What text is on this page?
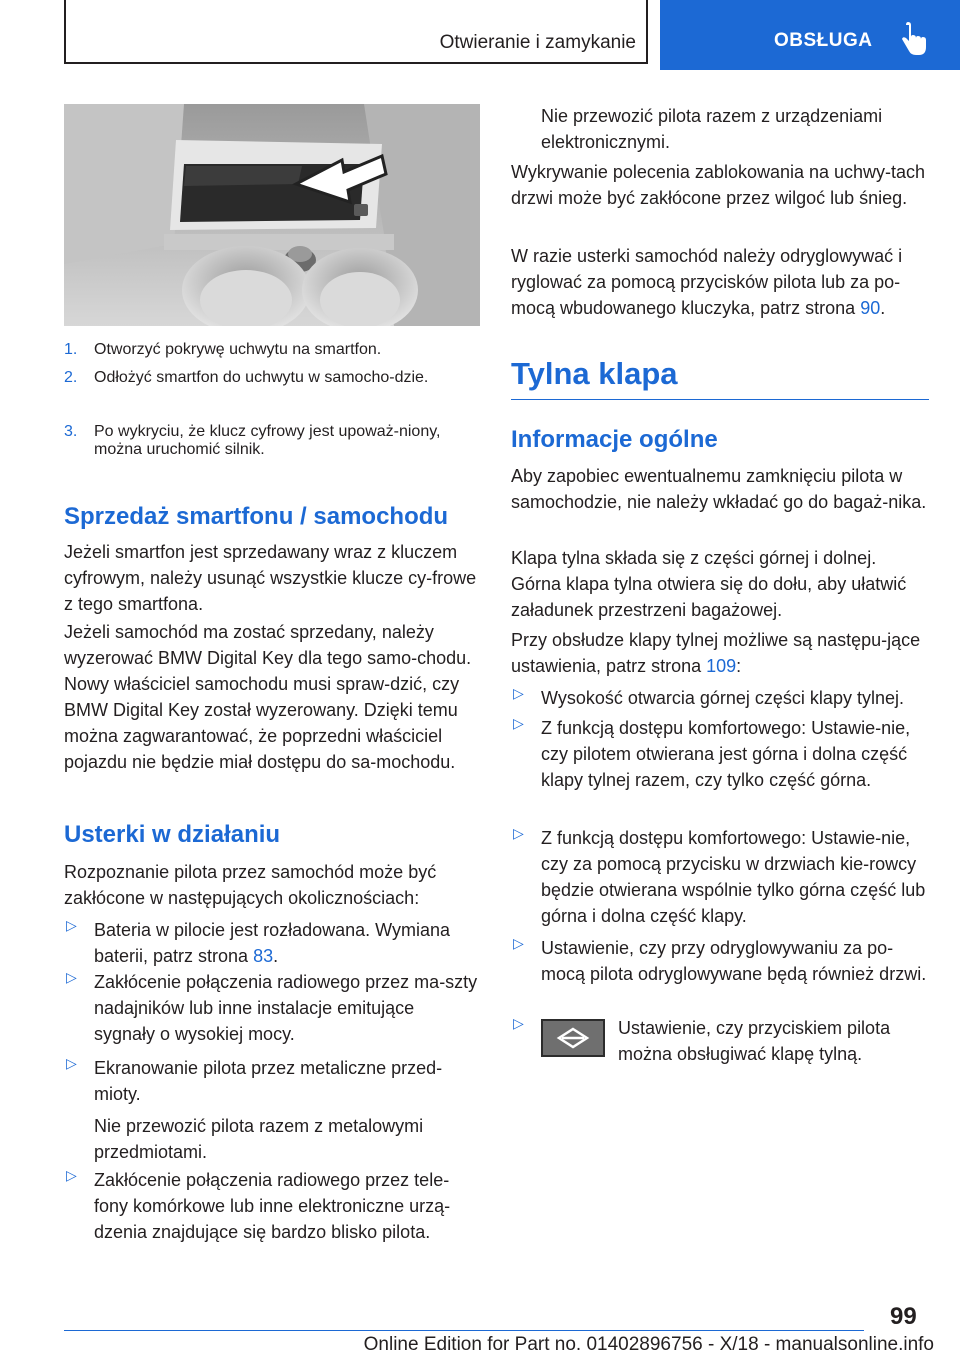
Otwieranie i zamykanie	OBSŁUGA
1. Otworzyć pokrywę uchwytu na smartfon.
2. Odłożyć smartfon do uchwytu w samocho-dzie.
3. Po wykryciu, że klucz cyfrowy jest upoważ-niony, można uruchomić silnik.
Sprzedaż smartfonu / samochodu
Jeżeli smartfon jest sprzedawany wraz z kluczem cyfrowym, należy usunąć wszystkie klucze cy-frowe z tego smartfona.
Jeżeli samochód ma zostać sprzedany, należy wyzerować BMW Digital Key dla tego samo-chodu. Nowy właściciel samochodu musi spraw-dzić, czy BMW Digital Key został wyzerowany. Dzięki temu można zagwarantować, że poprzedni właściciel pojazdu nie będzie miał dostępu do sa-mochodu.
Usterki w działaniu
Rozpoznanie pilota przez samochód może być zakłócone w następujących okolicznościach:
▷ Bateria w pilocie jest rozładowana. Wymiana baterii, patrz strona 83.
▷ Zakłócenie połączenia radiowego przez ma-szty nadajników lub inne instalacje emitujące sygnały o wysokiej mocy.
▷ Ekranowanie pilota przez metaliczne przed-mioty.
Nie przewozić pilota razem z metalowymi przedmiotami.
▷ Zakłócenie połączenia radiowego przez tele-fony komórkowe lub inne elektroniczne urzą-dzenia znajdujące się bardzo blisko pilota.
Nie przewozić pilota razem z urządzeniami elektronicznymi.
Wykrywanie polecenia zablokowania na uchwy-tach drzwi może być zakłócone przez wilgoć lub śnieg.
W razie usterki samochód należy odryglowywać i ryglować za pomocą przycisków pilota lub za po-mocą wbudowanego kluczyka, patrz strona 90.
Tylna klapa
Informacje ogólne
Aby zapobiec ewentualnemu zamknięciu pilota w samochodzie, nie należy wkładać go do bagaż-nika.
Klapa tylna składa się z części górnej i dolnej. Górna klapa tylna otwiera się do dołu, aby ułatwić załadunek przestrzeni bagażowej.
Przy obsłudze klapy tylnej możliwe są następu-jące ustawienia, patrz strona 109:
▷ Wysokość otwarcia górnej części klapy tylnej.
▷ Z funkcją dostępu komfortowego: Ustawie-nie, czy pilotem otwierana jest górna i dolna część klapy tylnej razem, czy tylko część górna.
▷ Z funkcją dostępu komfortowego: Ustawie-nie, czy za pomocą przycisku w drzwiach kie-rowcy będzie otwierana wspólnie tylko górna część lub górna i dolna część klapy.
▷ Ustawienie, czy przy odryglowywaniu za po-mocą pilota odryglowywane będą również drzwi.
▷	Ustawienie, czy przyciskiem pilota można obsługiwać klapę tylną.
99
Online Edition for Part no. 01402896756 - X/18 - manualsonline.info
